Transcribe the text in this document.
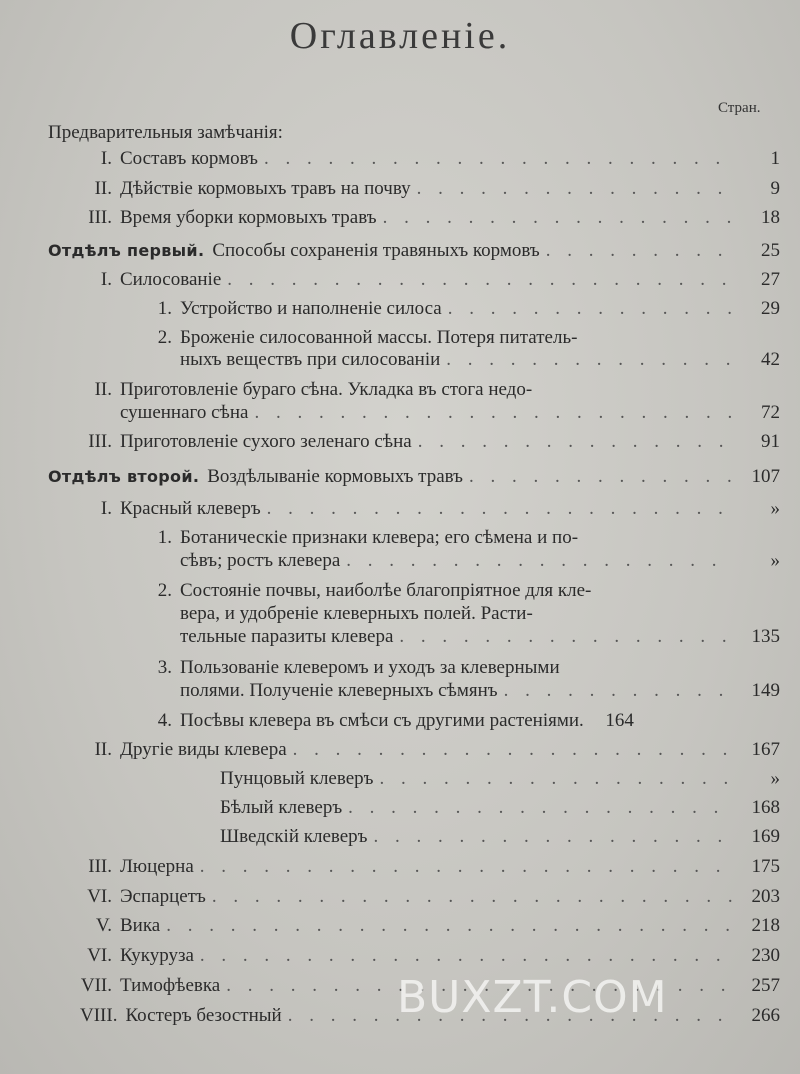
Оглавленіе.
Стран.
Предварительныя замѣчанія:
I. Составъ кормовъ . . .	1
II. Дѣйствіе кормовыхъ травъ на почву . . .	9
III. Время уборки кормовыхъ травъ . . .	18
Отдѣлъ первый. Способы сохраненія травяныхъ кормовъ . . .	25
I. Силосованіе . . .	27
1. Устройство и наполненіе силоса . . .	29
2. Броженіе силосованной массы. Потеря питатель-
ныхъ веществъ при силосованіи . . .	42
II. Приготовленіе бураго сѣна. Укладка въ стога недо-
сушеннаго сѣна . . .	72
III. Приготовленіе сухого зеленаго сѣна . . .	91
Отдѣлъ второй. Воздѣлываніе кормовыхъ травъ . . .	107
I. Красный клеверъ . . .	»
1. Ботаническіе признаки клевера; его сѣмена и по-
сѣвъ; ростъ клевера . . .	»
2. Состояніе почвы, наиболѣе благопріятное для кле-
вера, и удобреніе клеверныхъ полей. Расти-
тельные паразиты клевера . . .	135
3. Пользованіе клеверомъ и уходъ за клеверными
полями. Полученіе клеверныхъ сѣмянъ . . .	149
4. Посѣвы клевера въ смѣси съ другими растеніями.	164
II. Другіе виды клевера . . .	167
Пунцовый клеверъ . . .	»
Бѣлый клеверъ . . .	168
Шведскій клеверъ . . .	169
III. Люцерна . . .	175
VI. Эспарцетъ . . .	203
V. Вика . . .	218
VI. Кукуруза . . .	230
VII. Тимофѣевка . . .	257
VIII. Костеръ безостный . . .	266
BUXZT.COM
